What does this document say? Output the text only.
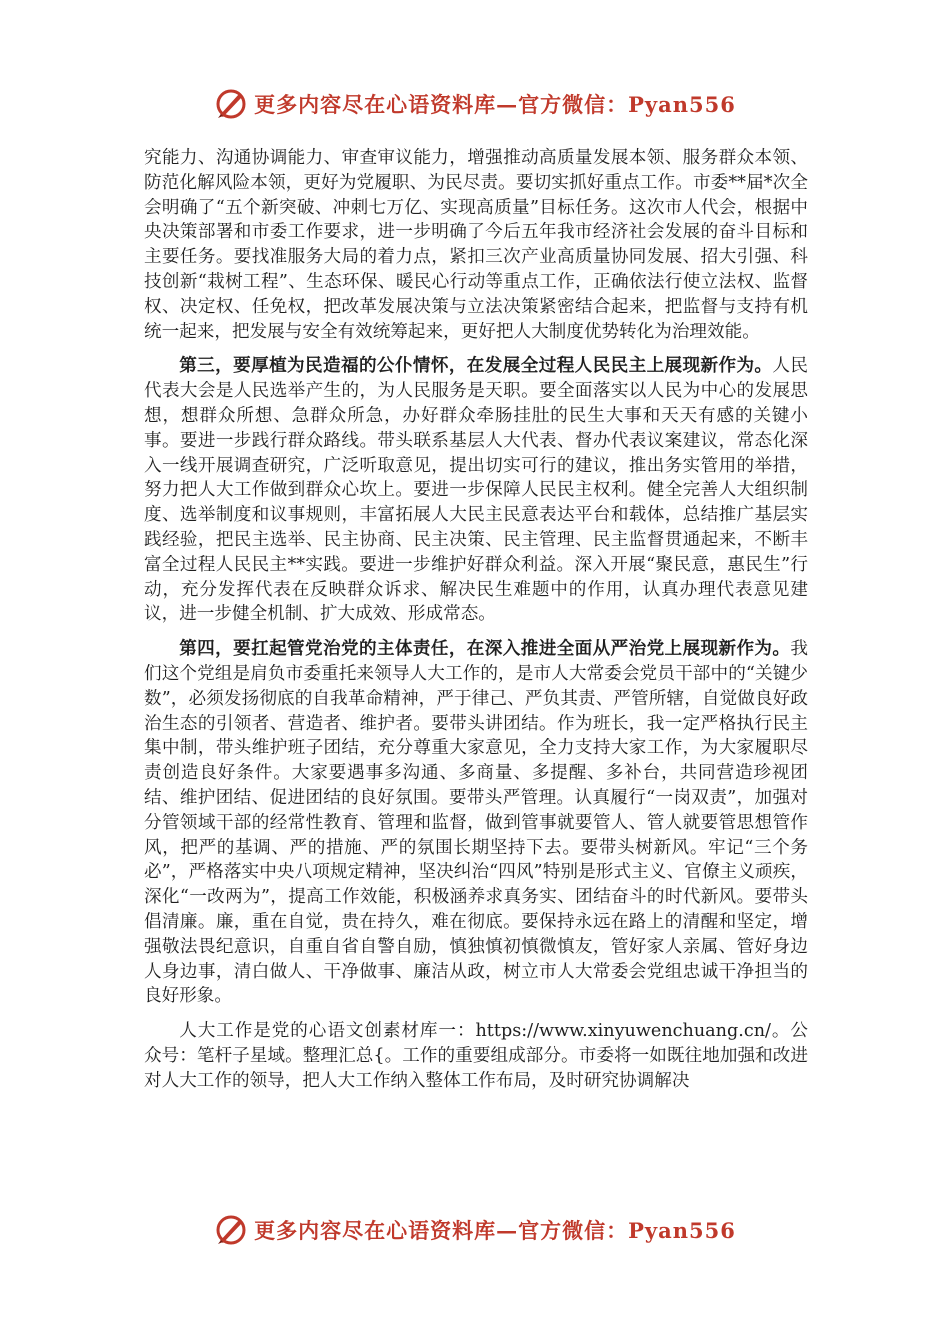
更多内容尽在心语资料库—官方微信：Pyan556

究能力、沟通协调能力、审查审议能力，增强推动高质量发展本领、服务群众本领、防范化解风险本领，更好为党履职、为民尽责。要切实抓好重点工作。市委**届*次全会明确了“五个新突破、冲刺七万亿、实现高质量”目标任务。这次市人代会，根据中央决策部署和市委工作要求，进一步明确了今后五年我市经济社会发展的奋斗目标和主要任务。要找准服务大局的着力点，紧扣三次产业高质量协同发展、招大引强、科技创新“栽树工程”、生态环保、暖民心行动等重点工作，正确依法行使立法权、监督权、决定权、任免权，把改革发展决策与立法决策紧密结合起来，把监督与支持有机统一起来，把发展与安全有效统筹起来，更好把人大制度优势转化为治理效能。

第三，要厚植为民造福的公仆情怀，在发展全过程人民民主上展现新作为。人民代表大会是人民选举产生的，为人民服务是天职。要全面落实以人民为中心的发展思想，想群众所想、急群众所急，办好群众牵肠挂肚的民生大事和天天有感的关键小事。要进一步践行群众路线。带头联系基层人大代表、督办代表议案建议，常态化深入一线开展调查研究，广泛听取意见，提出切实可行的建议，推出务实管用的举措，努力把人大工作做到群众心坎上。要进一步保障人民民主权利。健全完善人大组织制度、选举制度和议事规则，丰富拓展人大民主民意表达平台和载体，总结推广基层实践经验，把民主选举、民主协商、民主决策、民主管理、民主监督贯通起来，不断丰富全过程人民民主**实践。要进一步维护好群众利益。深入开展“聚民意，惠民生”行动，充分发挥代表在反映群众诉求、解决民生难题中的作用，认真办理代表意见建议，进一步健全机制、扩大成效、形成常态。

第四，要扛起管党治党的主体责任，在深入推进全面从严治党上展现新作为。我们这个党组是肩负市委重托来领导人大工作的，是市人大常委会党员干部中的“关键少数”，必须发扬彻底的自我革命精神，严于律己、严负其责、严管所辖，自觉做良好政治生态的引领者、营造者、维护者。要带头讲团结。作为班长，我一定严格执行民主集中制，带头维护班子团结，充分尊重大家意见，全力支持大家工作，为大家履职尽责创造良好条件。大家要遇事多沟通、多商量、多提醒、多补台，共同营造珍视团结、维护团结、促进团结的良好氛围。要带头严管理。认真履行“一岗双责”，加强对分管领域干部的经常性教育、管理和监督，做到管事就要管人、管人就要管思想管作风，把严的基调、严的措施、严的氛围长期坚持下去。要带头树新风。牢记“三个务必”，严格落实中央八项规定精神，坚决纠治“四风”特别是形式主义、官僚主义顽疾，深化“一改两为”，提高工作效能，积极涵养求真务实、团结奋斗的时代新风。要带头倡清廉。廉，重在自觉，贵在持久，难在彻底。要保持永远在路上的清醒和坚定，增强敬法畏纪意识，自重自省自警自励，慎独慎初慎微慎友，管好家人亲属、管好身边人身边事，清白做人、干净做事、廉洁从政，树立市人大常委会党组忠诚干净担当的良好形象。

人大工作是党的心语文创素材库一：https://www.xinyuwenchuang.cn/。公众号：笔杆子星域。整理汇总{。工作的重要组成部分。市委将一如既往地加强和改进对人大工作的领导，把人大工作纳入整体工作布局，及时研究协调解决

更多内容尽在心语资料库—官方微信：Pyan556
